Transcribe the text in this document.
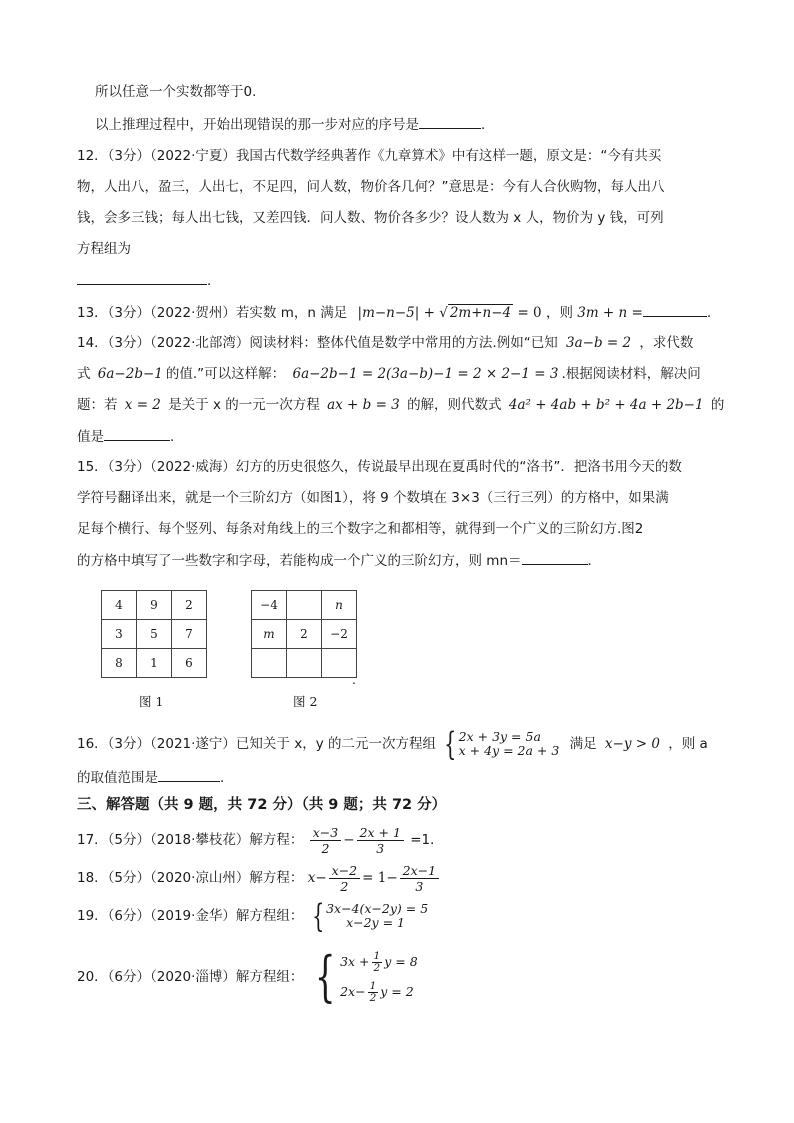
所以任意一个实数都等于0.
以上推理过程中，开始出现错误的那一步对应的序号是	.
12．（3分）（2022·宁夏）我国古代数学经典著作《九章算术》中有这样一题，原文是：“今有共买
物，人出八，盈三，人出七，不足四，问人数，物价各几何？”意思是：今有人合伙购物，每人出八
钱，会多三钱；每人出七钱，又差四钱．问人数、物价各多少？设人数为 x 人，物价为 y 钱，可列
方程组为
．
13．（3分）（2022·贺州）若实数 m，n 满足 |m−n−5| + √ 2m+n−4 = 0 ，则 3m + n =	.
14．（3分）（2022·北部湾）阅读材料：整体代值是数学中常用的方法.例如“已知 3a−b = 2 ，求代数
式 6a−2b−1 的值.”可以这样解： 6a−2b−1 = 2(3a−b)−1 = 2 × 2−1 = 3 .根据阅读材料，解决问
题：若 x = 2 是关于 x 的一元一次方程 ax + b = 3 的解，则代数式 4a² + 4ab + b² + 4a + 2b−1 的
值是	.
15．（3分）（2022·威海）幻方的历史很悠久，传说最早出现在夏禹时代的“洛书”．把洛书用今天的数
学符号翻译出来，就是一个三阶幻方（如图1），将 9 个数填在 3×3（三行三列）的方格中，如果满
足每个横行、每个竖列、每条对角线上的三个数字之和都相等，就得到一个广义的三阶幻方.图2
的方格中填写了一些数字和字母，若能构成一个广义的三阶幻方，则 mn＝	．
4	9	2
3	5	7
8	1	6
图 1
−4		n
m	2	−2

.
图 2
16．（3分）（2021·遂宁）已知关于 x，y 的二元一次方程组 { 2x + 3y = 5a
x + 4y = 2a + 3 满足 x−y > 0 ，则 a
的取值范围是	.
三、解答题（共 9 题，共 72 分）（共 9 题；共 72 分）
17．（5分）（2018·攀枝花）解方程： $\frac{x-3}{2} - \frac{2x + 1}{3} =1$．
18．（5分）（2020·凉山州）解方程： $x- \frac{x-2}{2} = 1- \frac{2x-1}{3}$
19．（6分）（2019·金华）解方程组： { 3x−4(x−2y) = 5
x−2y = 1
20．（6分）（2020·淄博）解方程组： { $3x + \frac{1}{2}$ y = 8
$2x- \frac{1}{2}$ y = 2
